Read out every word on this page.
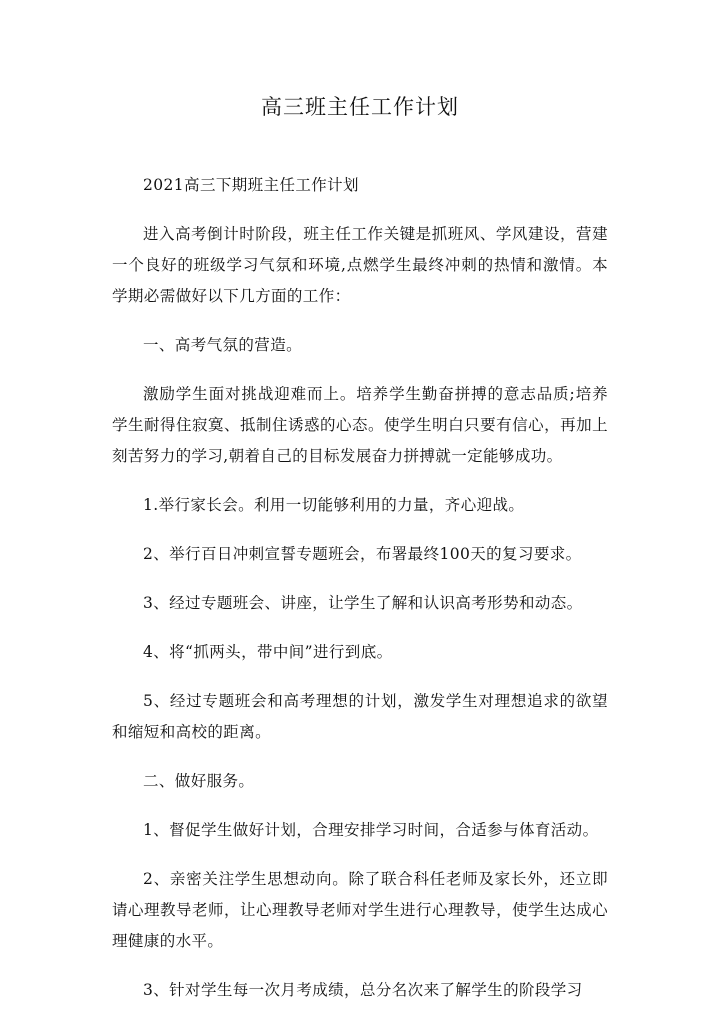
高三班主任工作计划

2021高三下期班主任工作计划

进入高考倒计时阶段，班主任工作关键是抓班风、学风建设，营建一个良好的班级学习气氛和环境,点燃学生最终冲刺的热情和激情。本学期必需做好以下几方面的工作：

一、高考气氛的营造。

激励学生面对挑战迎难而上。培养学生勤奋拼搏的意志品质;培养学生耐得住寂寞、抵制住诱惑的心态。使学生明白只要有信心，再加上刻苦努力的学习,朝着自己的目标发展奋力拼搏就一定能够成功。

1.举行家长会。利用一切能够利用的力量，齐心迎战。

2、举行百日冲刺宣誓专题班会，布署最终100天的复习要求。

3、经过专题班会、讲座，让学生了解和认识高考形势和动态。

4、将“抓两头，带中间”进行到底。

5、经过专题班会和高考理想的计划，激发学生对理想追求的欲望和缩短和高校的距离。

二、做好服务。

1、督促学生做好计划，合理安排学习时间，合适参与体育活动。

2、亲密关注学生思想动向。除了联合科任老师及家长外，还立即请心理教导老师，让心理教导老师对学生进行心理教导，使学生达成心理健康的水平。

3、针对学生每一次月考成绩，总分名次来了解学生的阶段学习
